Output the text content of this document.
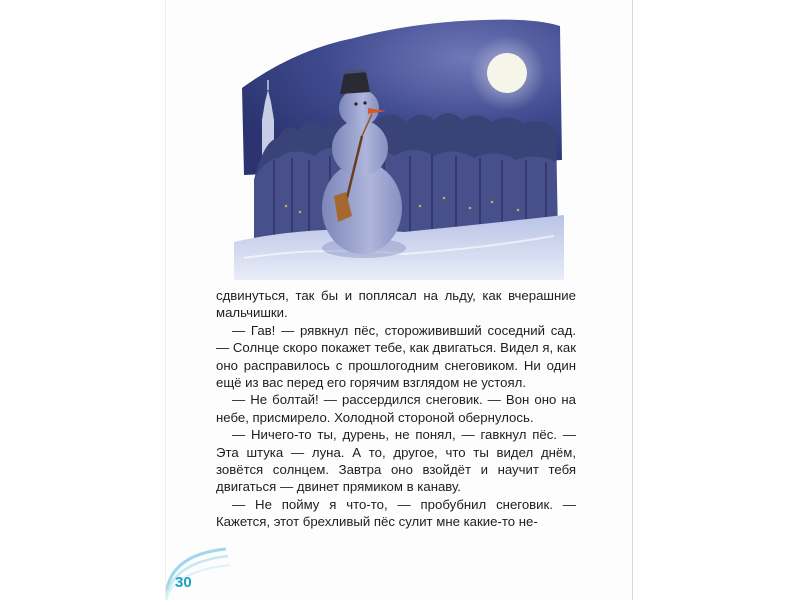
сдвинуться, так бы и поплясал на льду, как вчерашние мальчишки.

— Гав! — рявкнул пёс, сторожививший соседний сад. — Солнце скоро покажет тебе, как двигаться. Видел я, как оно расправилось с прошлогодним снеговиком. Ни один ещё из вас перед его горячим взглядом не устоял.

— Не болтай! — рассердился снеговик. — Вон оно на небе, присмирело. Холодной стороной обернулось.

— Ничего-то ты, дурень, не понял, — гавкнул пёс. — Эта штука — луна. А то, другое, что ты видел днём, зовётся солнцем. Завтра оно взойдёт и научит тебя двигаться — двинет прямиком в канаву.

— Не пойму я что-то, — пробубнил снеговик. — Кажется, этот брехливый пёс сулит мне какие-то не-

30
